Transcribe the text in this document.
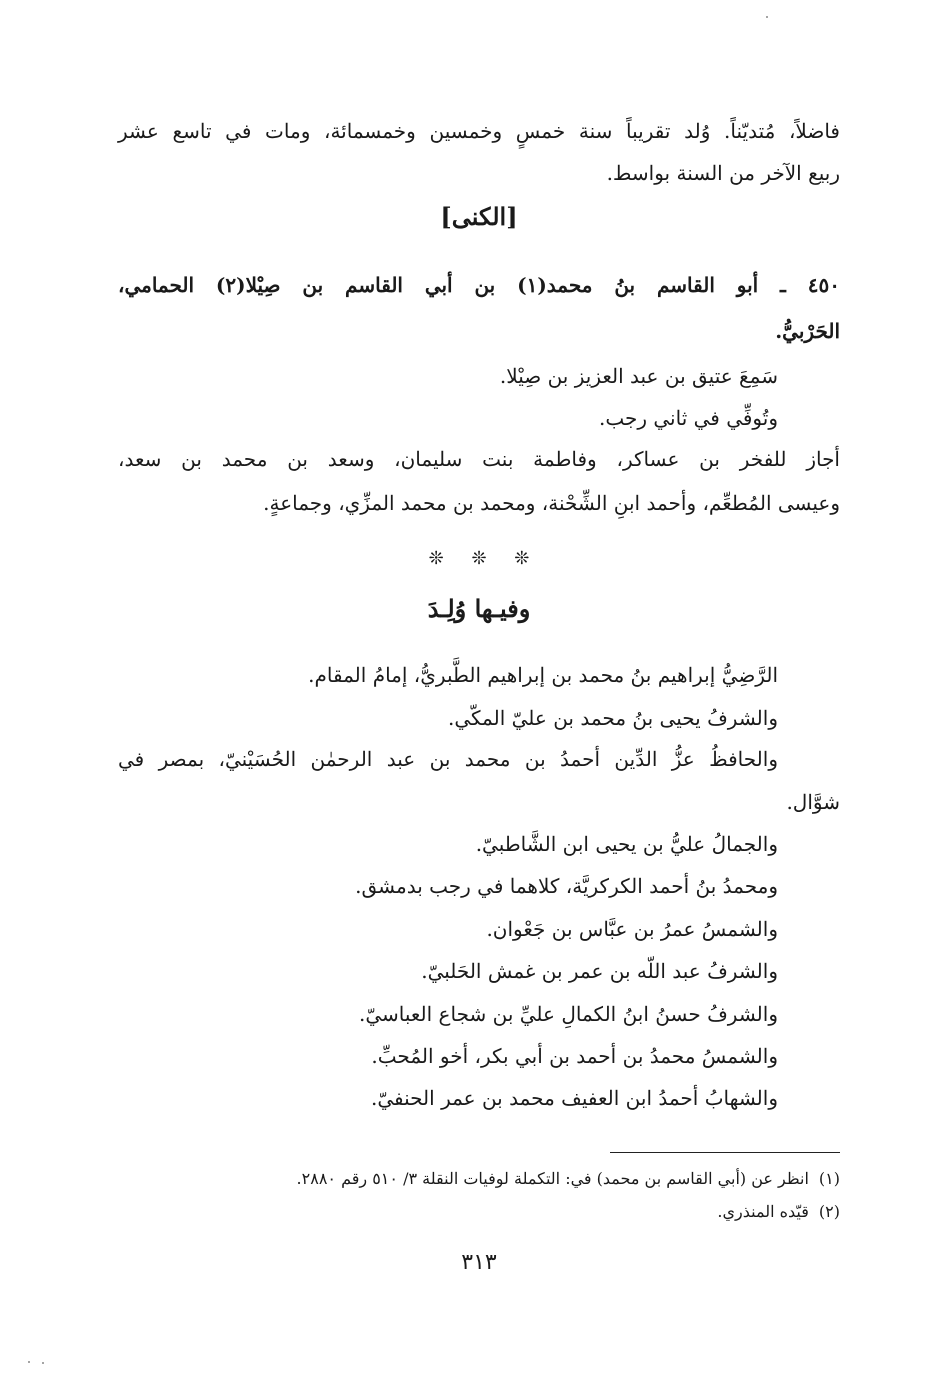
فاضلاً، مُتديّناً. وُلد تقريباً سنة خمسٍ وخمسين وخمسمائة، ومات في تاسع عشر
ربيع الآخر من السنة بواسط.
[الكنى]
٤٥٠ ـ أبو القاسم بنُ محمد(١) بن أبي القاسم بن صِيْلا(٢) الحمامي،
الحَرْبيُّ.
سَمِعَ عتيق بن عبد العزيز بن صِيْلا.
وتُوفِّي في ثاني رجب.
أجاز للفخر بن عساكر، وفاطمة بنت سليمان، وسعد بن محمد بن سعد،
وعيسى المُطعِّم، وأحمد ابنِ الشِّحْنة، ومحمد بن محمد المزِّي، وجماعةٍ.
❊ ❊ ❊
وفيـها وُلِـدَ
الرَّضِيُّ إبراهيم بنُ محمد بن إبراهيم الطَّبريُّ، إمامُ المقام.
والشرفُ يحيى بنُ محمد بن عليّ المكّي.
والحافظُ عزُّ الدِّين أحمدُ بن محمد بن عبد الرحمٰن الحُسَيْنيّ، بمصر في
شوَّال.
والجمالُ عليُّ بن يحيى ابن الشَّاطبيّ.
ومحمدُ بنُ أحمد الكركريَّة، كلاهما في رجب بدمشق.
والشمسُ عمرُ بن عبَّاس بن جَعْوان.
والشرفُ عبد اللّه بن عمر بن غمش الحَلبيّ.
والشرفُ حسنُ ابنُ الكمالِ عليِّ بن شجاع العباسيّ.
والشمسُ محمدُ بن أحمد بن أبي بكر، أخو المُحبِّ.
والشهابُ أحمدُ ابن العفيف محمد بن عمر الحنفيّ.
(١)انظر عن (أبي القاسم بن محمد) في: التكملة لوفيات النقلة ٣/ ٥١٠ رقم ٢٨٨٠.
(٢)قيّده المنذري.
٣١٣
